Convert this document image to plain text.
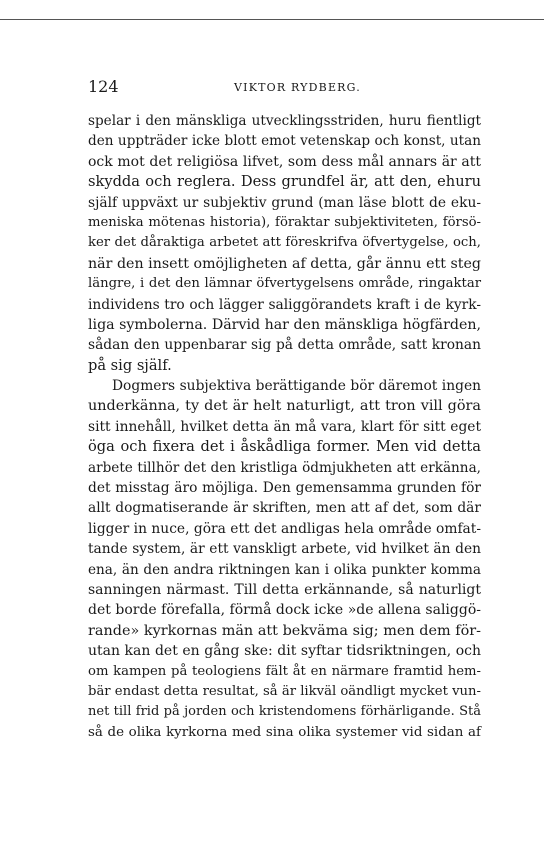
124	VIKTOR RYDBERG.
spelar i den mänskliga utvecklingsstriden, huru fientligt
den uppträder icke blott emot vetenskap och konst, utan
ock mot det religiösa lifvet, som dess mål annars är att
skydda och reglera. Dess grundfel är, att den, ehuru
själf uppväxt ur subjektiv grund (man läse blott de eku-
meniska mötenas historia), föraktar subjektiviteten, försö-
ker det dåraktiga arbetet att föreskrifva öfvertygelse, och,
när den insett omöjligheten af detta, går ännu ett steg
längre, i det den lämnar öfvertygelsens område, ringaktar
individens tro och lägger saliggörandets kraft i de kyrk-
liga symbolerna. Därvid har den mänskliga högfärden,
sådan den uppenbarar sig på detta område, satt kronan
på sig själf.
Dogmers subjektiva berättigande bör däremot ingen
underkänna, ty det är helt naturligt, att tron vill göra
sitt innehåll, hvilket detta än må vara, klart för sitt eget
öga och fixera det i åskådliga former. Men vid detta
arbete tillhör det den kristliga ödmjukheten att erkänna,
det misstag äro möjliga. Den gemensamma grunden för
allt dogmatiserande är skriften, men att af det, som där
ligger in nuce, göra ett det andligas hela område omfat-
tande system, är ett vanskligt arbete, vid hvilket än den
ena, än den andra riktningen kan i olika punkter komma
sanningen närmast. Till detta erkännande, så naturligt
det borde förefalla, förmå dock icke »de allena saliggö-
rande» kyrkornas män att bekväma sig; men dem för-
utan kan det en gång ske: dit syftar tidsriktningen, och
om kampen på teologiens fält åt en närmare framtid hem-
bär endast detta resultat, så är likväl oändligt mycket vun-
net till frid på jorden och kristendomens förhärligande. Stå
så de olika kyrkorna med sina olika systemer vid sidan af
